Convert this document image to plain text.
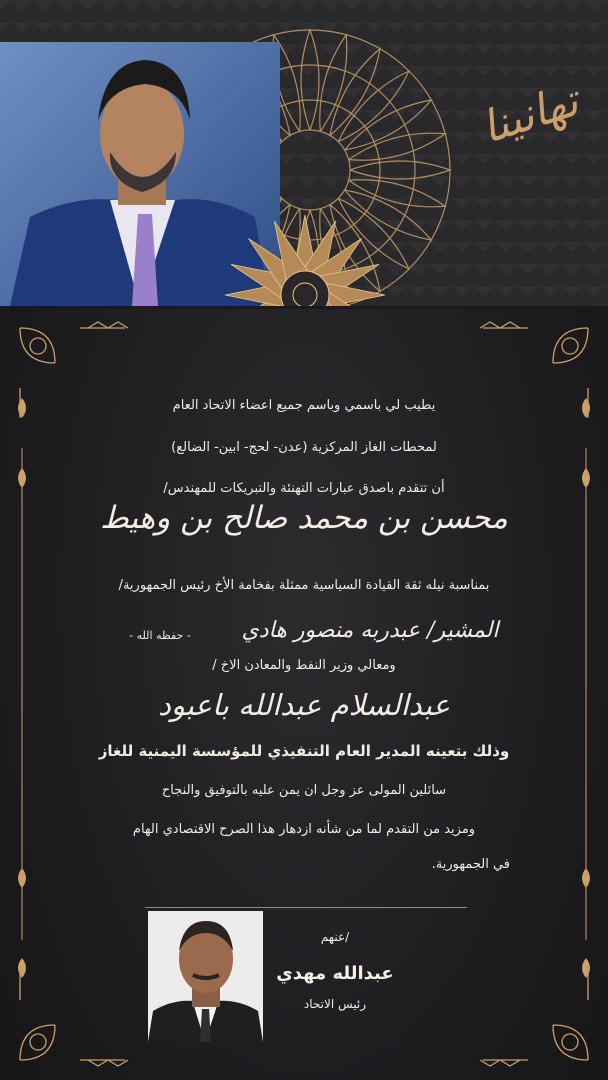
تهانينا
يطيب لي باسمي وباسم جميع اعضاء الاتحاد العام
لمحطات الغاز المركزية (عدن- لحج- ابين- الضالع)
أن تتقدم باصدق عبارات التهنئة والتبريكات للمهندس/
محسن بن محمد صالح بن وهيط
بمناسبة نيله ثقة القيادة السياسية ممثلة بفخامة الأخ رئيس الجمهورية/
المشير/ عبدربه منصور هادي
- حفظه الله -
ومعالي وزير النفط والمعادن الاخ /
عبدالسلام عبدالله باعبود
وذلك بتعينه المدير العام التنفيذي للمؤسسة اليمنية للغاز
سائلين المولى عز وجل ان يمن عليه بالتوفيق والنجاح
ومزيد من التقدم لما من شأنه ازدهار هذا الصرح الاقتصادي الهام
في الجمهورية.
عنهم/
عبدالله مهدي
رئيس الاتحاد
